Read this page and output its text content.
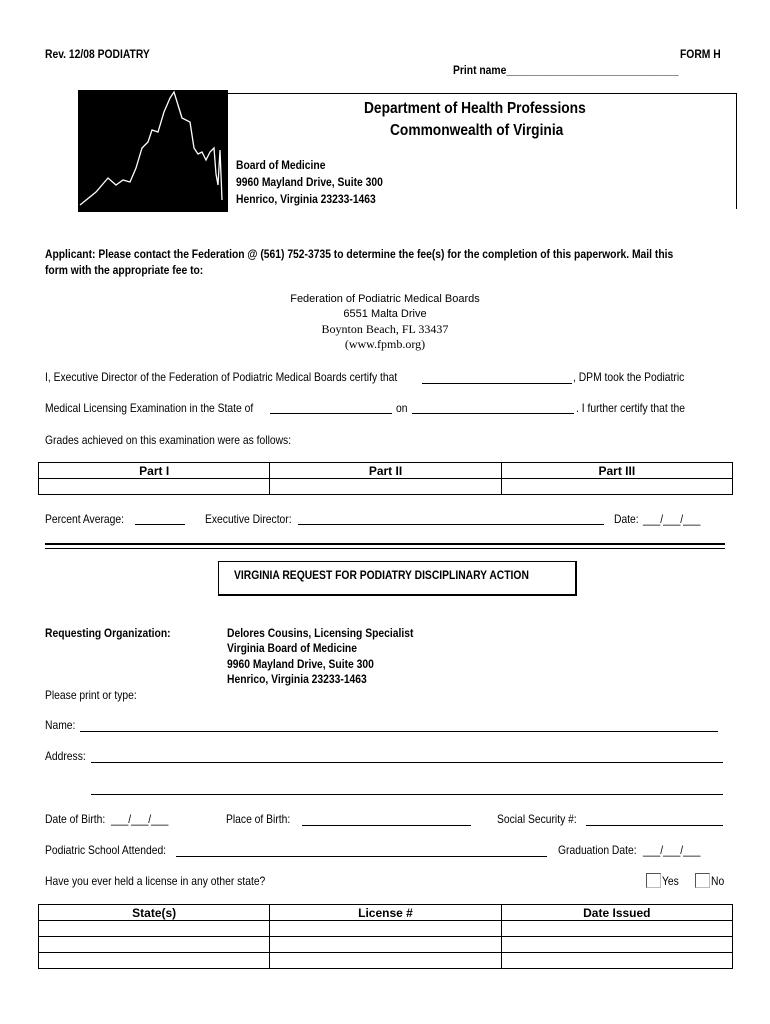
Rev. 12/08 PODIATRY	FORM H
Print name______________________________
Department of Health Professions
Commonwealth of Virginia
Board of Medicine
9960 Mayland Drive, Suite 300
Henrico, Virginia 23233-1463
Applicant: Please contact the Federation @ (561) 752-3735 to determine the fee(s) for the completion of this paperwork. Mail this
form with the appropriate fee to:
Federation of Podiatric Medical Boards
6551 Malta Drive
Boynton Beach, FL 33437
(www.fpmb.org)
I, Executive Director of the Federation of Podiatric Medical Boards certify that	, DPM took the Podiatric
Medical Licensing Examination in the State of	on	. I further certify that the
Grades achieved on this examination were as follows:
Part I	Part II	Part III

Percent Average:	Executive Director:	Date: ___/___/___
VIRGINIA REQUEST FOR PODIATRY DISCIPLINARY ACTION
Requesting Organization:	Delores Cousins, Licensing Specialist
Virginia Board of Medicine
9960 Mayland Drive, Suite 300
Henrico, Virginia 23233-1463
Please print or type:
Name:
Address:
Date of Birth: ___/___/___	Place of Birth:	Social Security #:
Podiatric School Attended:	Graduation Date: ___/___/___
Have you ever held a license in any other state?	Yes	No
State(s)	License #	Date Issued
